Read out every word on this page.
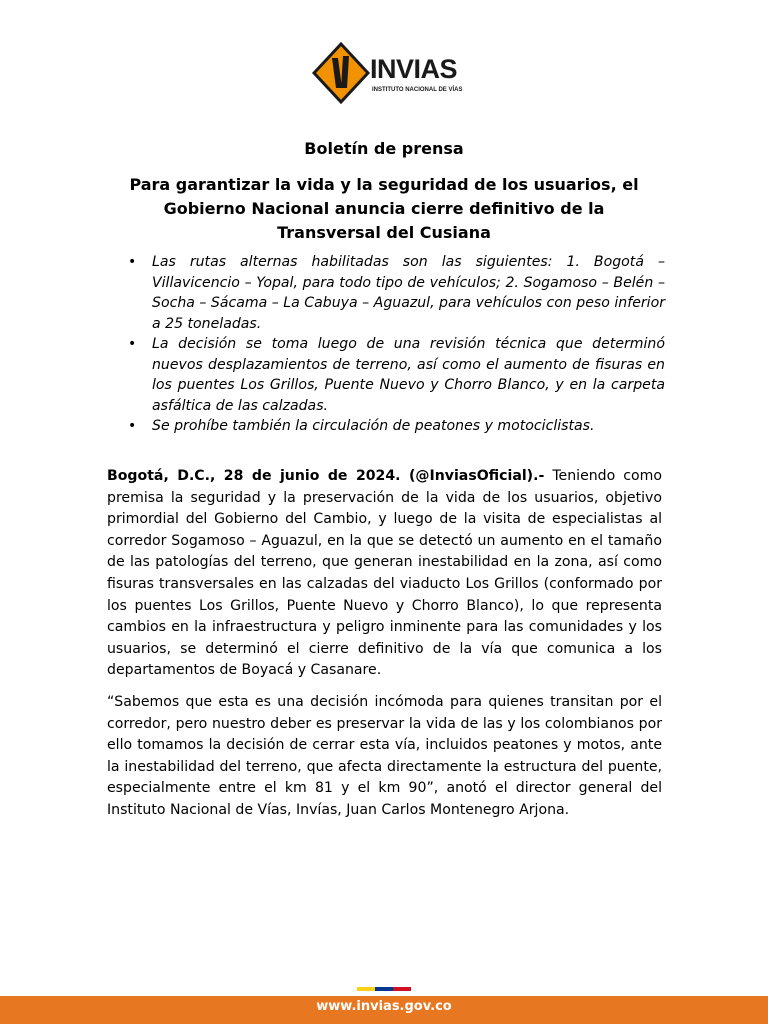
INVIAS
INSTITUTO NACIONAL DE VÍAS
Boletín de prensa
Para garantizar la vida y la seguridad de los usuarios, el
Gobierno Nacional anuncia cierre definitivo de la
Transversal del Cusiana
• Las rutas alternas habilitadas son las siguientes: 1. Bogotá – Villavicencio – Yopal, para todo tipo de vehículos; 2. Sogamoso – Belén – Socha – Sácama – La Cabuya – Aguazul, para vehículos con peso inferior a 25 toneladas.
• La decisión se toma luego de una revisión técnica que determinó nuevos desplazamientos de terreno, así como el aumento de fisuras en los puentes Los Grillos, Puente Nuevo y Chorro Blanco, y en la carpeta asfáltica de las calzadas.
• Se prohíbe también la circulación de peatones y motociclistas.

Bogotá, D.C., 28 de junio de 2024. (@InviasOficial).- Teniendo como premisa la seguridad y la preservación de la vida de los usuarios, objetivo primordial del Gobierno del Cambio, y luego de la visita de especialistas al corredor Sogamoso – Aguazul, en la que se detectó un aumento en el tamaño de las patologías del terreno, que generan inestabilidad en la zona, así como fisuras transversales en las calzadas del viaducto Los Grillos (conformado por los puentes Los Grillos, Puente Nuevo y Chorro Blanco), lo que representa cambios en la infraestructura y peligro inminente para las comunidades y los usuarios, se determinó el cierre definitivo de la vía que comunica a los departamentos de Boyacá y Casanare.

“Sabemos que esta es una decisión incómoda para quienes transitan por el corredor, pero nuestro deber es preservar la vida de las y los colombianos por ello tomamos la decisión de cerrar esta vía, incluidos peatones y motos, ante la inestabilidad del terreno, que afecta directamente la estructura del puente, especialmente entre el km 81 y el km 90”, anotó el director general del Instituto Nacional de Vías, Invías, Juan Carlos Montenegro Arjona.

www.invias.gov.co
